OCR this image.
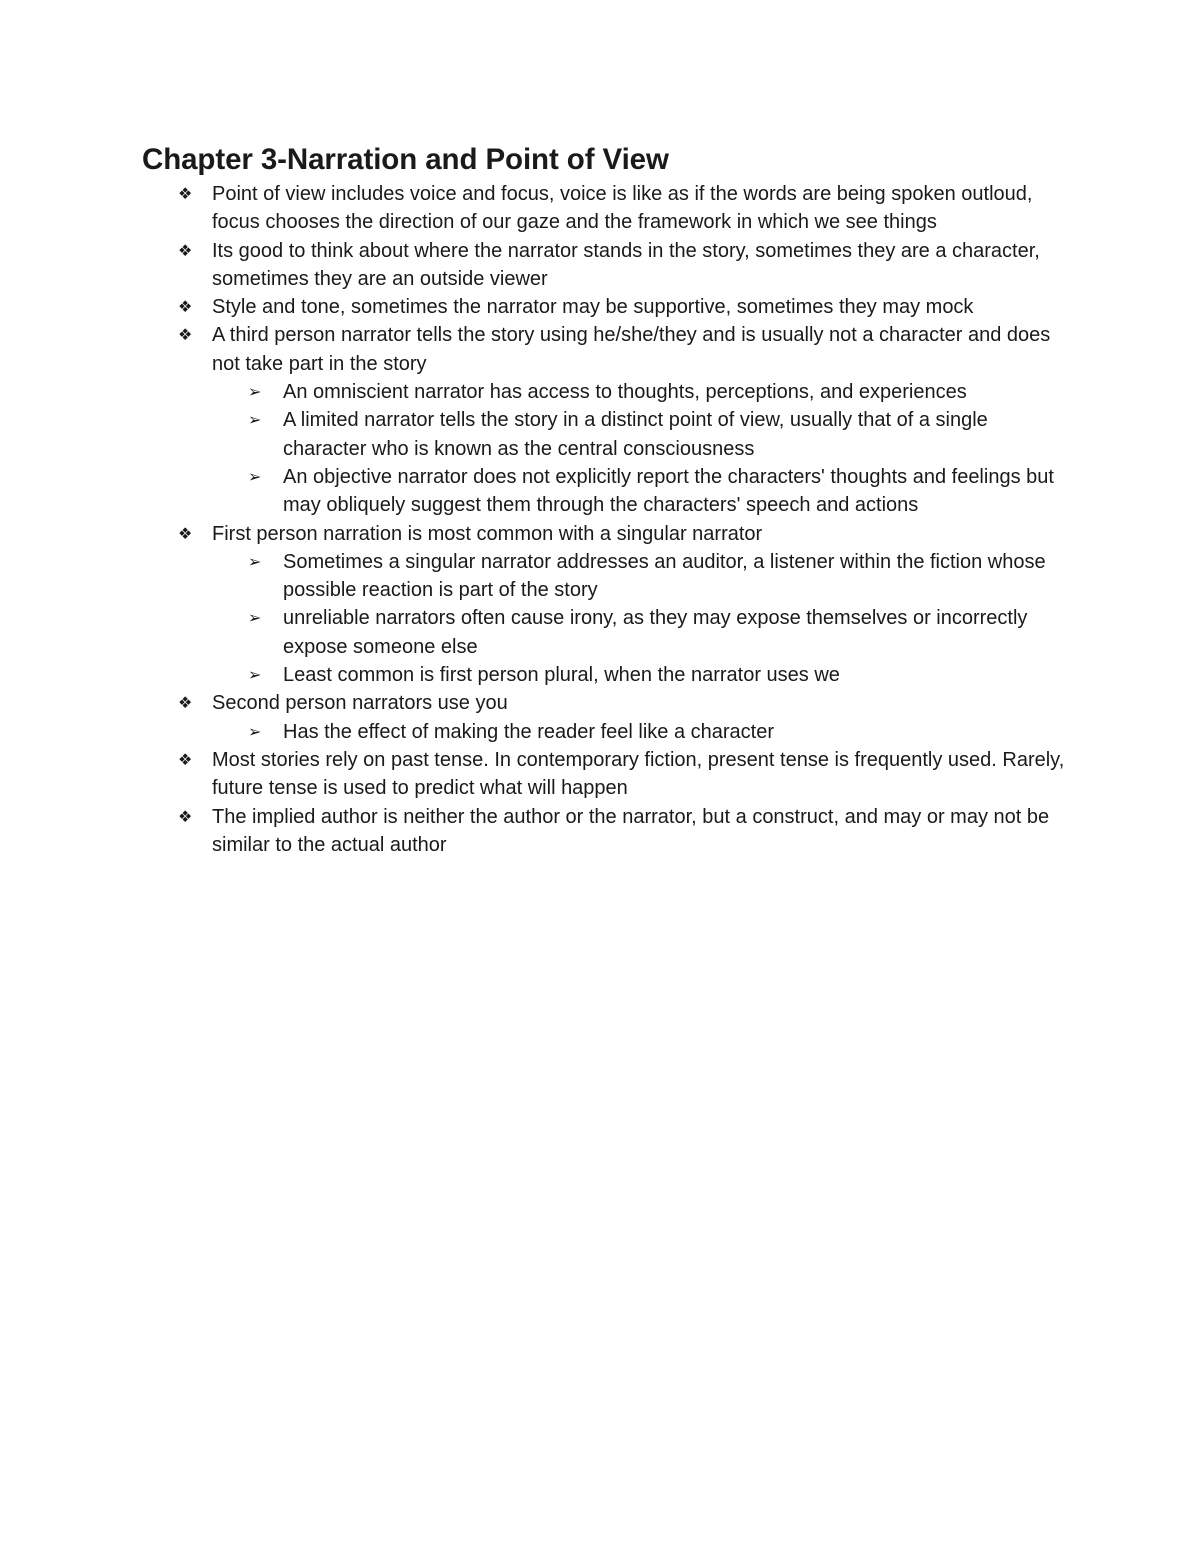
Chapter 3-Narration and Point of View
❖ Point of view includes voice and focus, voice is like as if the words are being spoken outloud, focus chooses the direction of our gaze and the framework in which we see things
❖ Its good to think about where the narrator stands in the story, sometimes they are a character, sometimes they are an outside viewer
❖ Style and tone, sometimes the narrator may be supportive, sometimes they may mock
❖ A third person narrator tells the story using he/she/they and is usually not a character and does not take part in the story
➢ An omniscient narrator has access to thoughts, perceptions, and experiences
➢ A limited narrator tells the story in a distinct point of view, usually that of a single character who is known as the central consciousness
➢ An objective narrator does not explicitly report the characters' thoughts and feelings but may obliquely suggest them through the characters' speech and actions
❖ First person narration is most common with a singular narrator
➢ Sometimes a singular narrator addresses an auditor, a listener within the fiction whose possible reaction is part of the story
➢ unreliable narrators often cause irony, as they may expose themselves or incorrectly expose someone else
➢ Least common is first person plural, when the narrator uses we
❖ Second person narrators use you
➢ Has the effect of making the reader feel like a character
❖ Most stories rely on past tense. In contemporary fiction, present tense is frequently used. Rarely, future tense is used to predict what will happen
❖ The implied author is neither the author or the narrator, but a construct, and may or may not be similar to the actual author
